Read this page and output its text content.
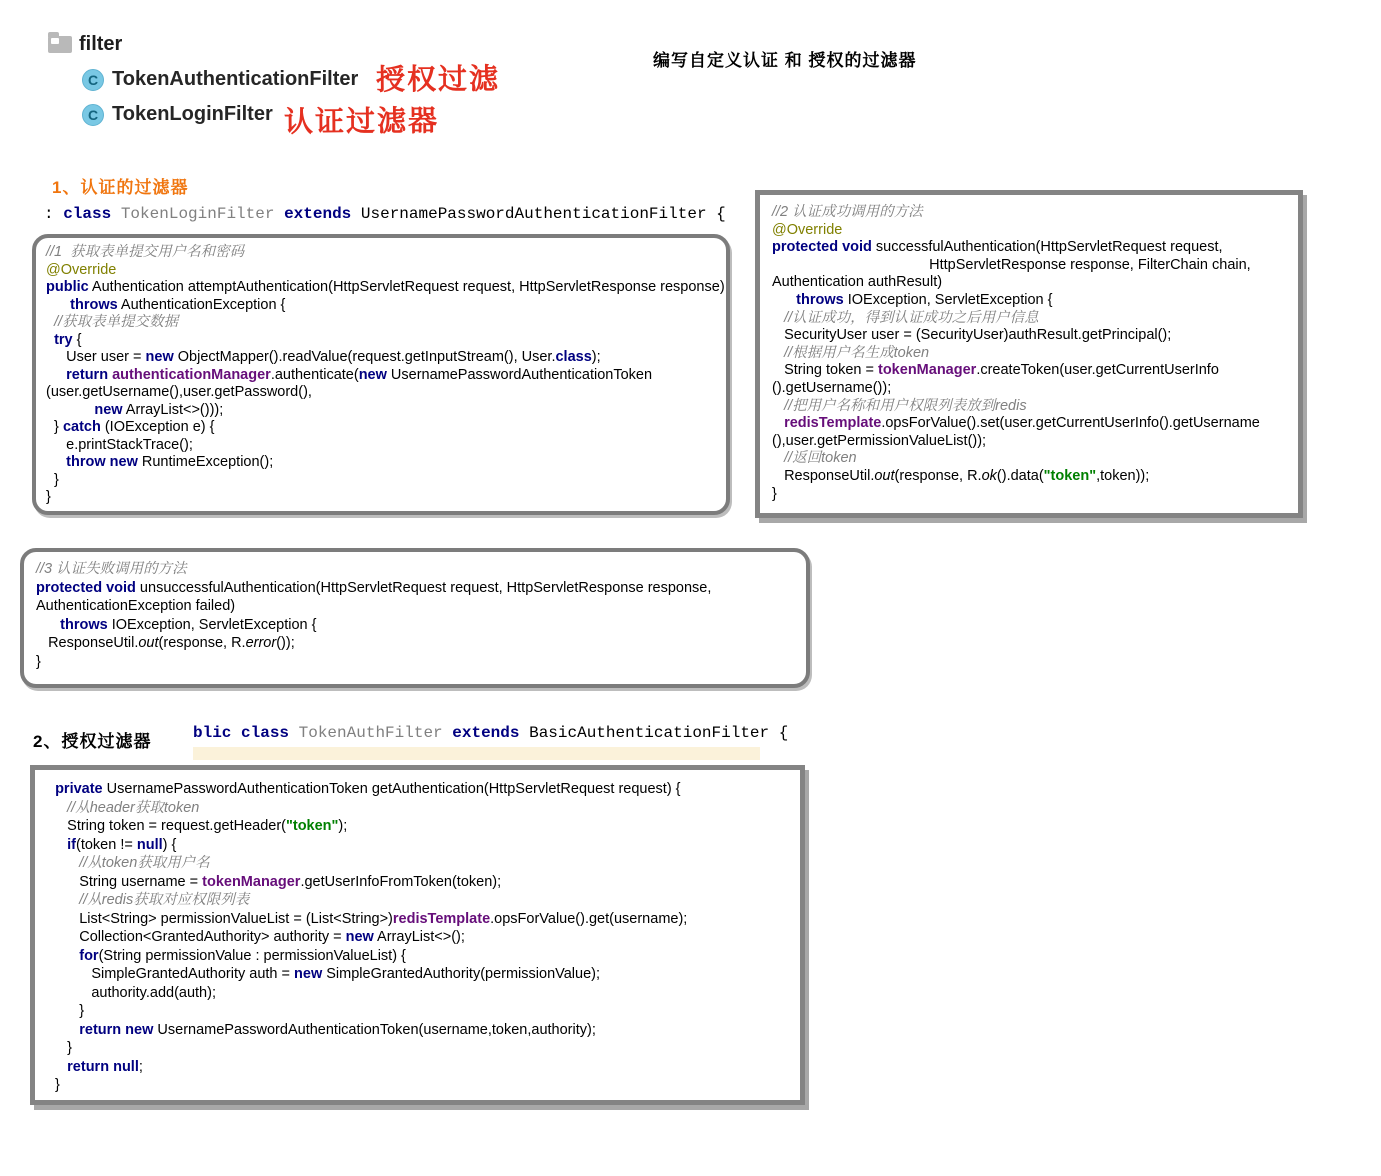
filter
C TokenAuthenticationFilter 授权过滤
C TokenLoginFilter 认证过滤器
编写自定义认证 和 授权的过滤器
1、认证的过滤器
: class TokenLoginFilter extends UsernamePasswordAuthenticationFilter {
//1  获取表单提交用户名和密码
@Override
public Authentication attemptAuthentication(HttpServletRequest request, HttpServletResponse response)
throws AuthenticationException {
//获取表单提交数据
try {
User user = new ObjectMapper().readValue(request.getInputStream(), User.class);
return authenticationManager.authenticate(new UsernamePasswordAuthenticationToken
(user.getUsername(),user.getPassword(),
new ArrayList<>()));
} catch (IOException e) {
e.printStackTrace();
throw new RuntimeException();
}
}
//2 认证成功调用的方法
@Override
protected void successfulAuthentication(HttpServletRequest request,
HttpServletResponse response, FilterChain chain,
Authentication authResult)
throws IOException, ServletException {
//认证成功，得到认证成功之后用户信息
SecurityUser user = (SecurityUser)authResult.getPrincipal();
//根据用户名生成token
String token = tokenManager.createToken(user.getCurrentUserInfo
().getUsername());
//把用户名称和用户权限列表放到redis
redisTemplate.opsForValue().set(user.getCurrentUserInfo().getUsername
(),user.getPermissionValueList());
//返回token
ResponseUtil.out(response, R.ok().data("token",token));
}
//3 认证失败调用的方法
protected void unsuccessfulAuthentication(HttpServletRequest request, HttpServletResponse response,
AuthenticationException failed)
throws IOException, ServletException {
ResponseUtil.out(response, R.error());
}
2、授权过滤器	blic class TokenAuthFilter extends BasicAuthenticationFilter {
private UsernamePasswordAuthenticationToken getAuthentication(HttpServletRequest request) {
//从header获取token
String token = request.getHeader("token");
if(token != null) {
//从token获取用户名
String username = tokenManager.getUserInfoFromToken(token);
//从redis获取对应权限列表
List<String> permissionValueList = (List<String>)redisTemplate.opsForValue().get(username);
Collection<GrantedAuthority> authority = new ArrayList<>();
for(String permissionValue : permissionValueList) {
SimpleGrantedAuthority auth = new SimpleGrantedAuthority(permissionValue);
authority.add(auth);
}
return new UsernamePasswordAuthenticationToken(username,token,authority);
}
return null;
}
